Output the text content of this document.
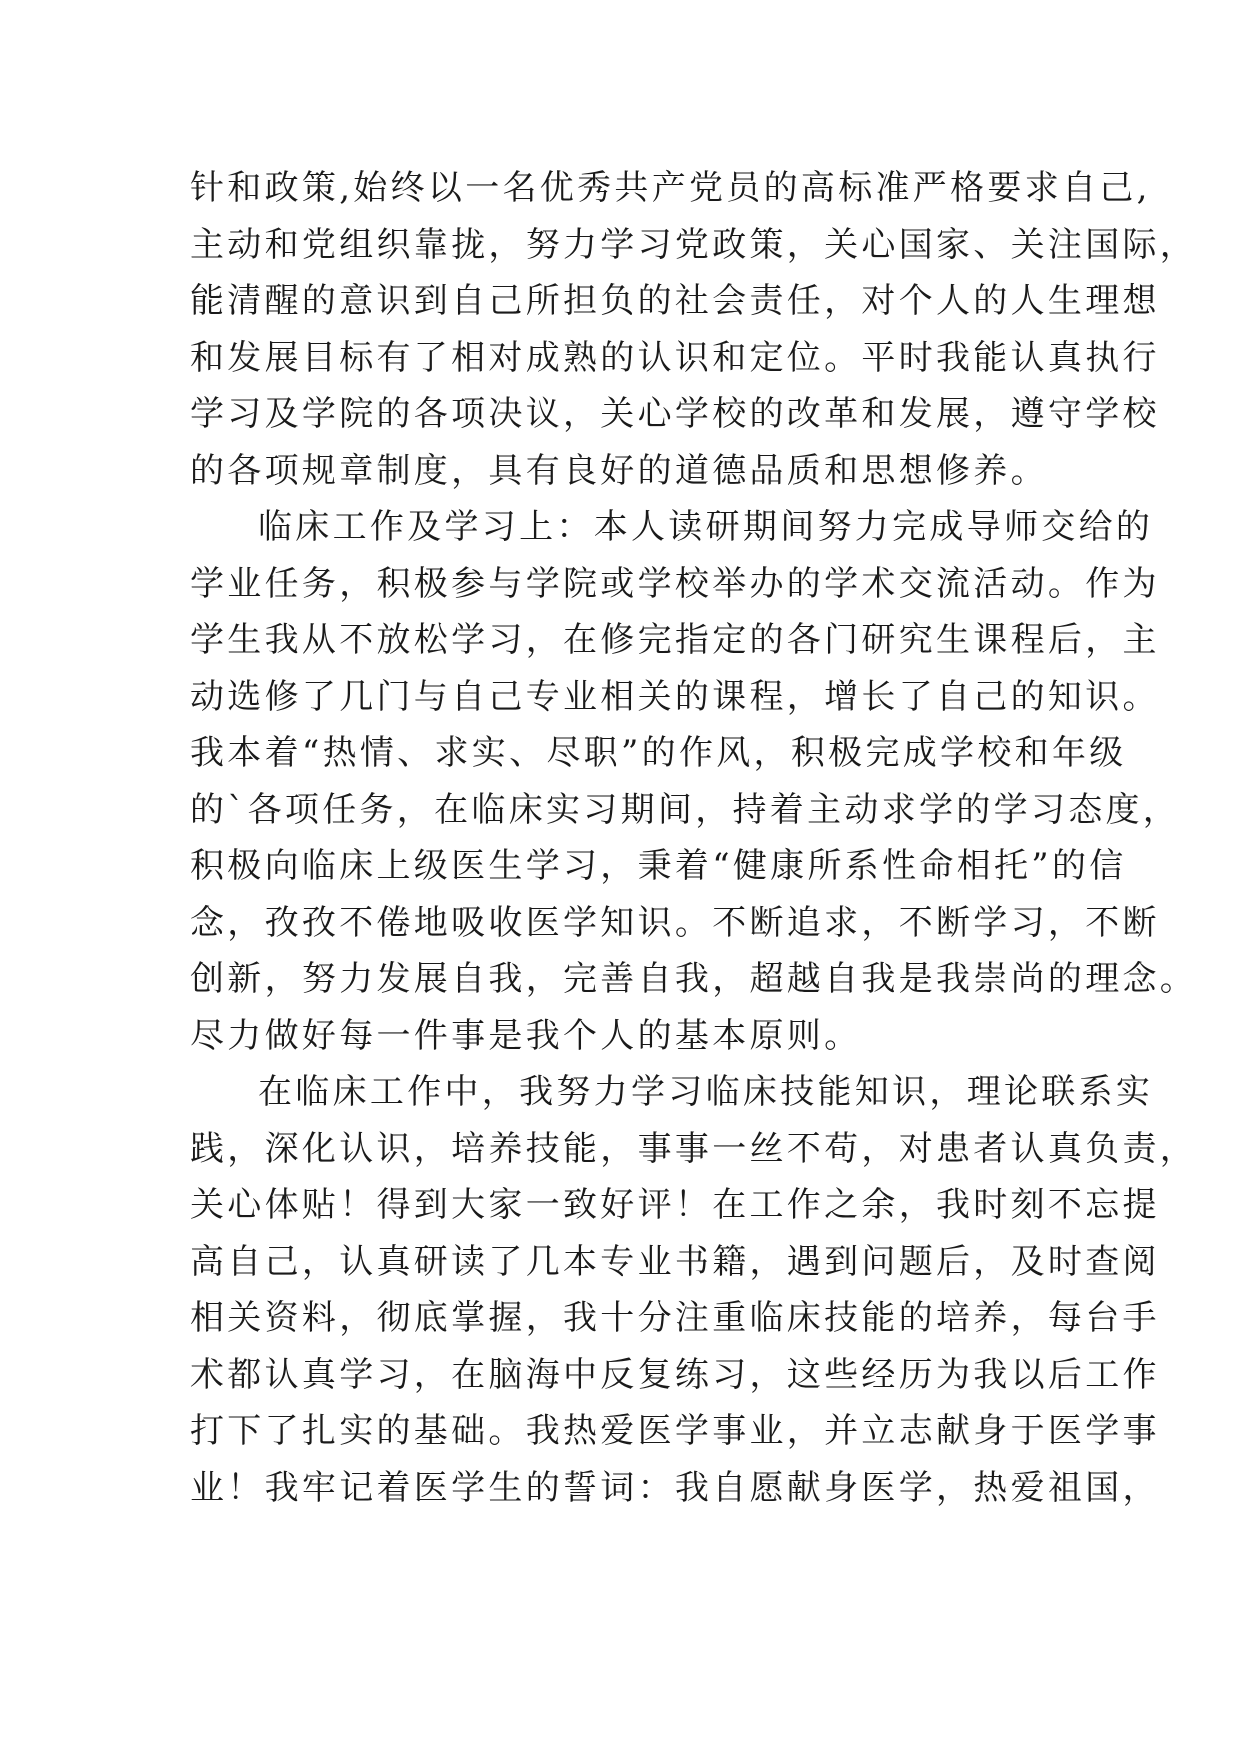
针和政策,始终以一名优秀共产党员的高标准严格要求自己,
主动和党组织靠拢，努力学习党政策，关心国家、关注国际，
能清醒的意识到自己所担负的社会责任，对个人的人生理想
和发展目标有了相对成熟的认识和定位。平时我能认真执行
学习及学院的各项决议，关心学校的改革和发展，遵守学校
的各项规章制度，具有良好的道德品质和思想修养。
临床工作及学习上：本人读研期间努力完成导师交给的
学业任务，积极参与学院或学校举办的学术交流活动。作为
学生我从不放松学习，在修完指定的各门研究生课程后，主
动选修了几门与自己专业相关的课程，增长了自己的知识。
我本着“热情、求实、尽职”的作风，积极完成学校和年级
的`各项任务，在临床实习期间，持着主动求学的学习态度，
积极向临床上级医生学习，秉着“健康所系性命相托”的信
念，孜孜不倦地吸收医学知识。不断追求，不断学习，不断
创新，努力发展自我，完善自我，超越自我是我崇尚的理念。
尽力做好每一件事是我个人的基本原则。
在临床工作中，我努力学习临床技能知识，理论联系实
践，深化认识，培养技能，事事一丝不苟，对患者认真负责，
关心体贴！得到大家一致好评！在工作之余，我时刻不忘提
高自己，认真研读了几本专业书籍，遇到问题后，及时查阅
相关资料，彻底掌握，我十分注重临床技能的培养，每台手
术都认真学习，在脑海中反复练习，这些经历为我以后工作
打下了扎实的基础。我热爱医学事业，并立志献身于医学事
业！我牢记着医学生的誓词：我自愿献身医学，热爱祖国，
